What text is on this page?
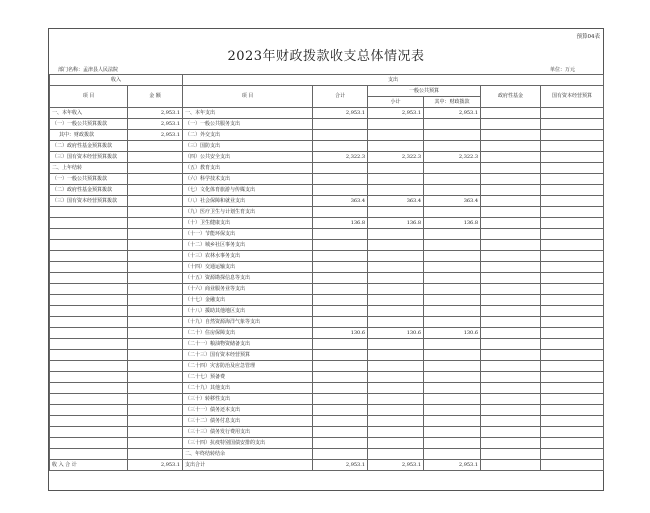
预算04表
2023年财政拨款收支总体情况表
部门名称：孟津县人民法院	单位：万元
收入		支出					
项 目	金 额	项 目	合计	一般公共预算		政府性基金	国有资本经营预算
				小计	其中：财政拨款		
一、本年收入	2,953.1	一、本年支出	2,953.1	2,953.1	2,953.1		
（一）一般公共预算拨款	2,953.1	（一）一般公共服务支出					
其中：财政拨款	2,953.1	（二）外交支出					
（二）政府性基金预算拨款		（三）国防支出					
（三）国有资本经营预算拨款		（四）公共安全支出	2,322.3	2,322.3	2,322.3		
二、上年结转		（五）教育支出					
（一）一般公共预算拨款		（六）科学技术支出					
（二）政府性基金预算拨款		（七）文化体育旅游与传媒支出					
（三）国有资本经营预算拨款		（八）社会保障和就业支出	363.4	363.4	363.4		
		（九）医疗卫生与计划生育支出					
		（十）卫生健康支出	136.8	136.8	136.8		
		（十一）节能环保支出					
		（十二）城乡社区事务支出					
		（十三）农林水事务支出					
		（十四）交通运输支出					
		（十五）资源勘探信息等支出					
		（十六）商业服务业等支出					
		（十七）金融支出					
		（十八）援助其他地区支出					
		（十九）自然资源海洋气象等支出					
		（二十）住房保障支出	130.6	130.6	130.6		
		（二十一）粮油物资储备支出					
		（二十三）国有资本经营预算					
		（二十四）灾害防治及应急管理					
		（二十七）预备费					
		（二十九）其他支出					
		（三十）转移性支出					
		（三十一）债务还本支出					
		（三十二）债务付息支出					
		（三十三）债务发行费用支出					
		（三十四）抗疫特别国债安排的支出					
		二、年终结转结余					
收 入 合 计	2,953.1	支出合计	2,953.1	2,953.1	2,953.1		
